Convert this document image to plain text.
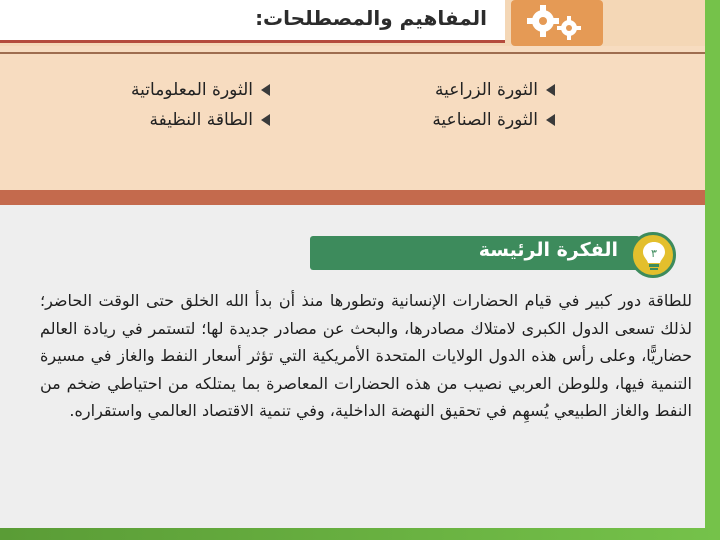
المفاهيم والمصطلحات:
الثورة الزراعية
الثورة المعلوماتية
الثورة الصناعية
الطاقة النظيفة
الفكرة الرئيسة	٣
للطاقة دور كبير في قيام الحضارات الإنسانية وتطورها منذ أن بدأ الله الخلق حتى الوقت الحاضر؛ لذلك تسعى الدول الكبرى لامتلاك مصادرها، والبحث عن مصادر جديدة لها؛ لتستمر في ريادة العالم حضاريًّا، وعلى رأس هذه الدول الولايات المتحدة الأمريكية التي تؤثر أسعار النفط والغاز في مسيرة التنمية فيها، وللوطن العربي نصيب من هذه الحضارات المعاصرة بما يمتلكه من احتياطي ضخم من النفط والغاز الطبيعي يُسهِم في تحقيق النهضة الداخلية، وفي تنمية الاقتصاد العالمي واستقراره.
